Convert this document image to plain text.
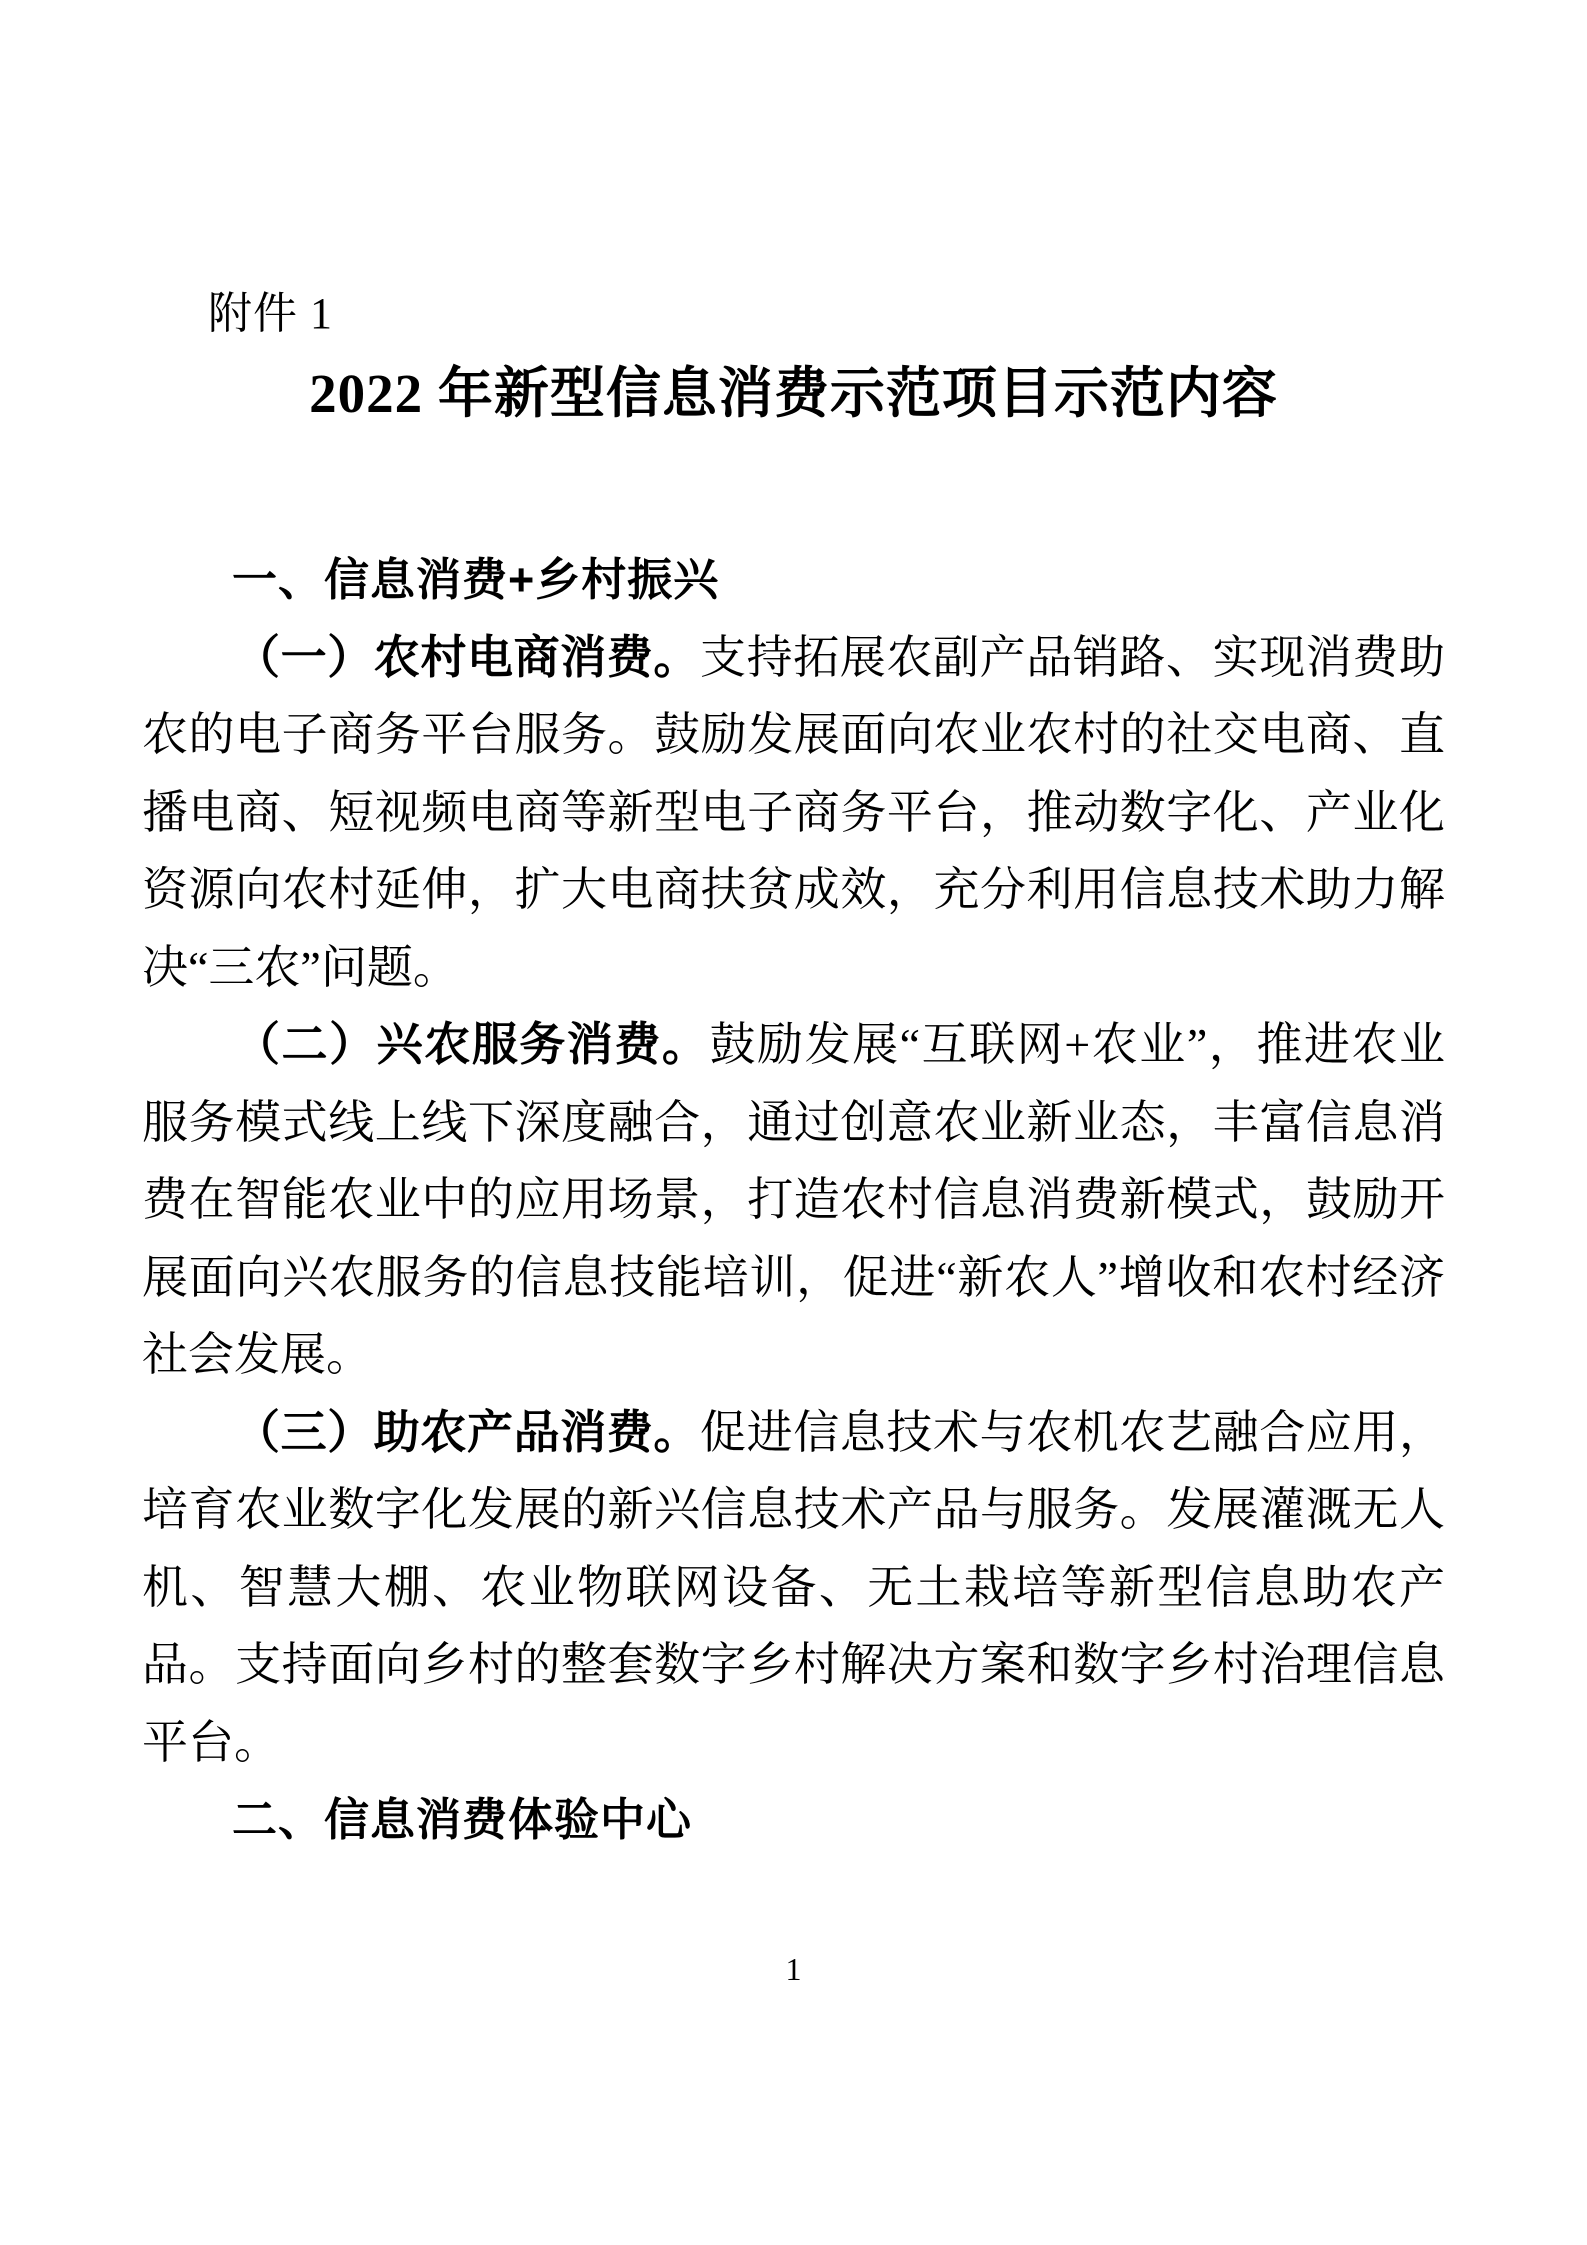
附件 1
2022 年新型信息消费示范项目示范内容
一、信息消费+乡村振兴

（一）农村电商消费。支持拓展农副产品销路、实现消费助农的电子商务平台服务。鼓励发展面向农业农村的社交电商、直播电商、短视频电商等新型电子商务平台，推动数字化、产业化资源向农村延伸，扩大电商扶贫成效，充分利用信息技术助力解决“三农”问题。

（二）兴农服务消费。鼓励发展“互联网+农业”，推进农业服务模式线上线下深度融合，通过创意农业新业态，丰富信息消费在智能农业中的应用场景，打造农村信息消费新模式，鼓励开展面向兴农服务的信息技能培训，促进“新农人”增收和农村经济社会发展。

（三）助农产品消费。促进信息技术与农机农艺融合应用，培育农业数字化发展的新兴信息技术产品与服务。发展灌溉无人机、智慧大棚、农业物联网设备、无土栽培等新型信息助农产品。支持面向乡村的整套数字乡村解决方案和数字乡村治理信息平台。

二、信息消费体验中心
1
